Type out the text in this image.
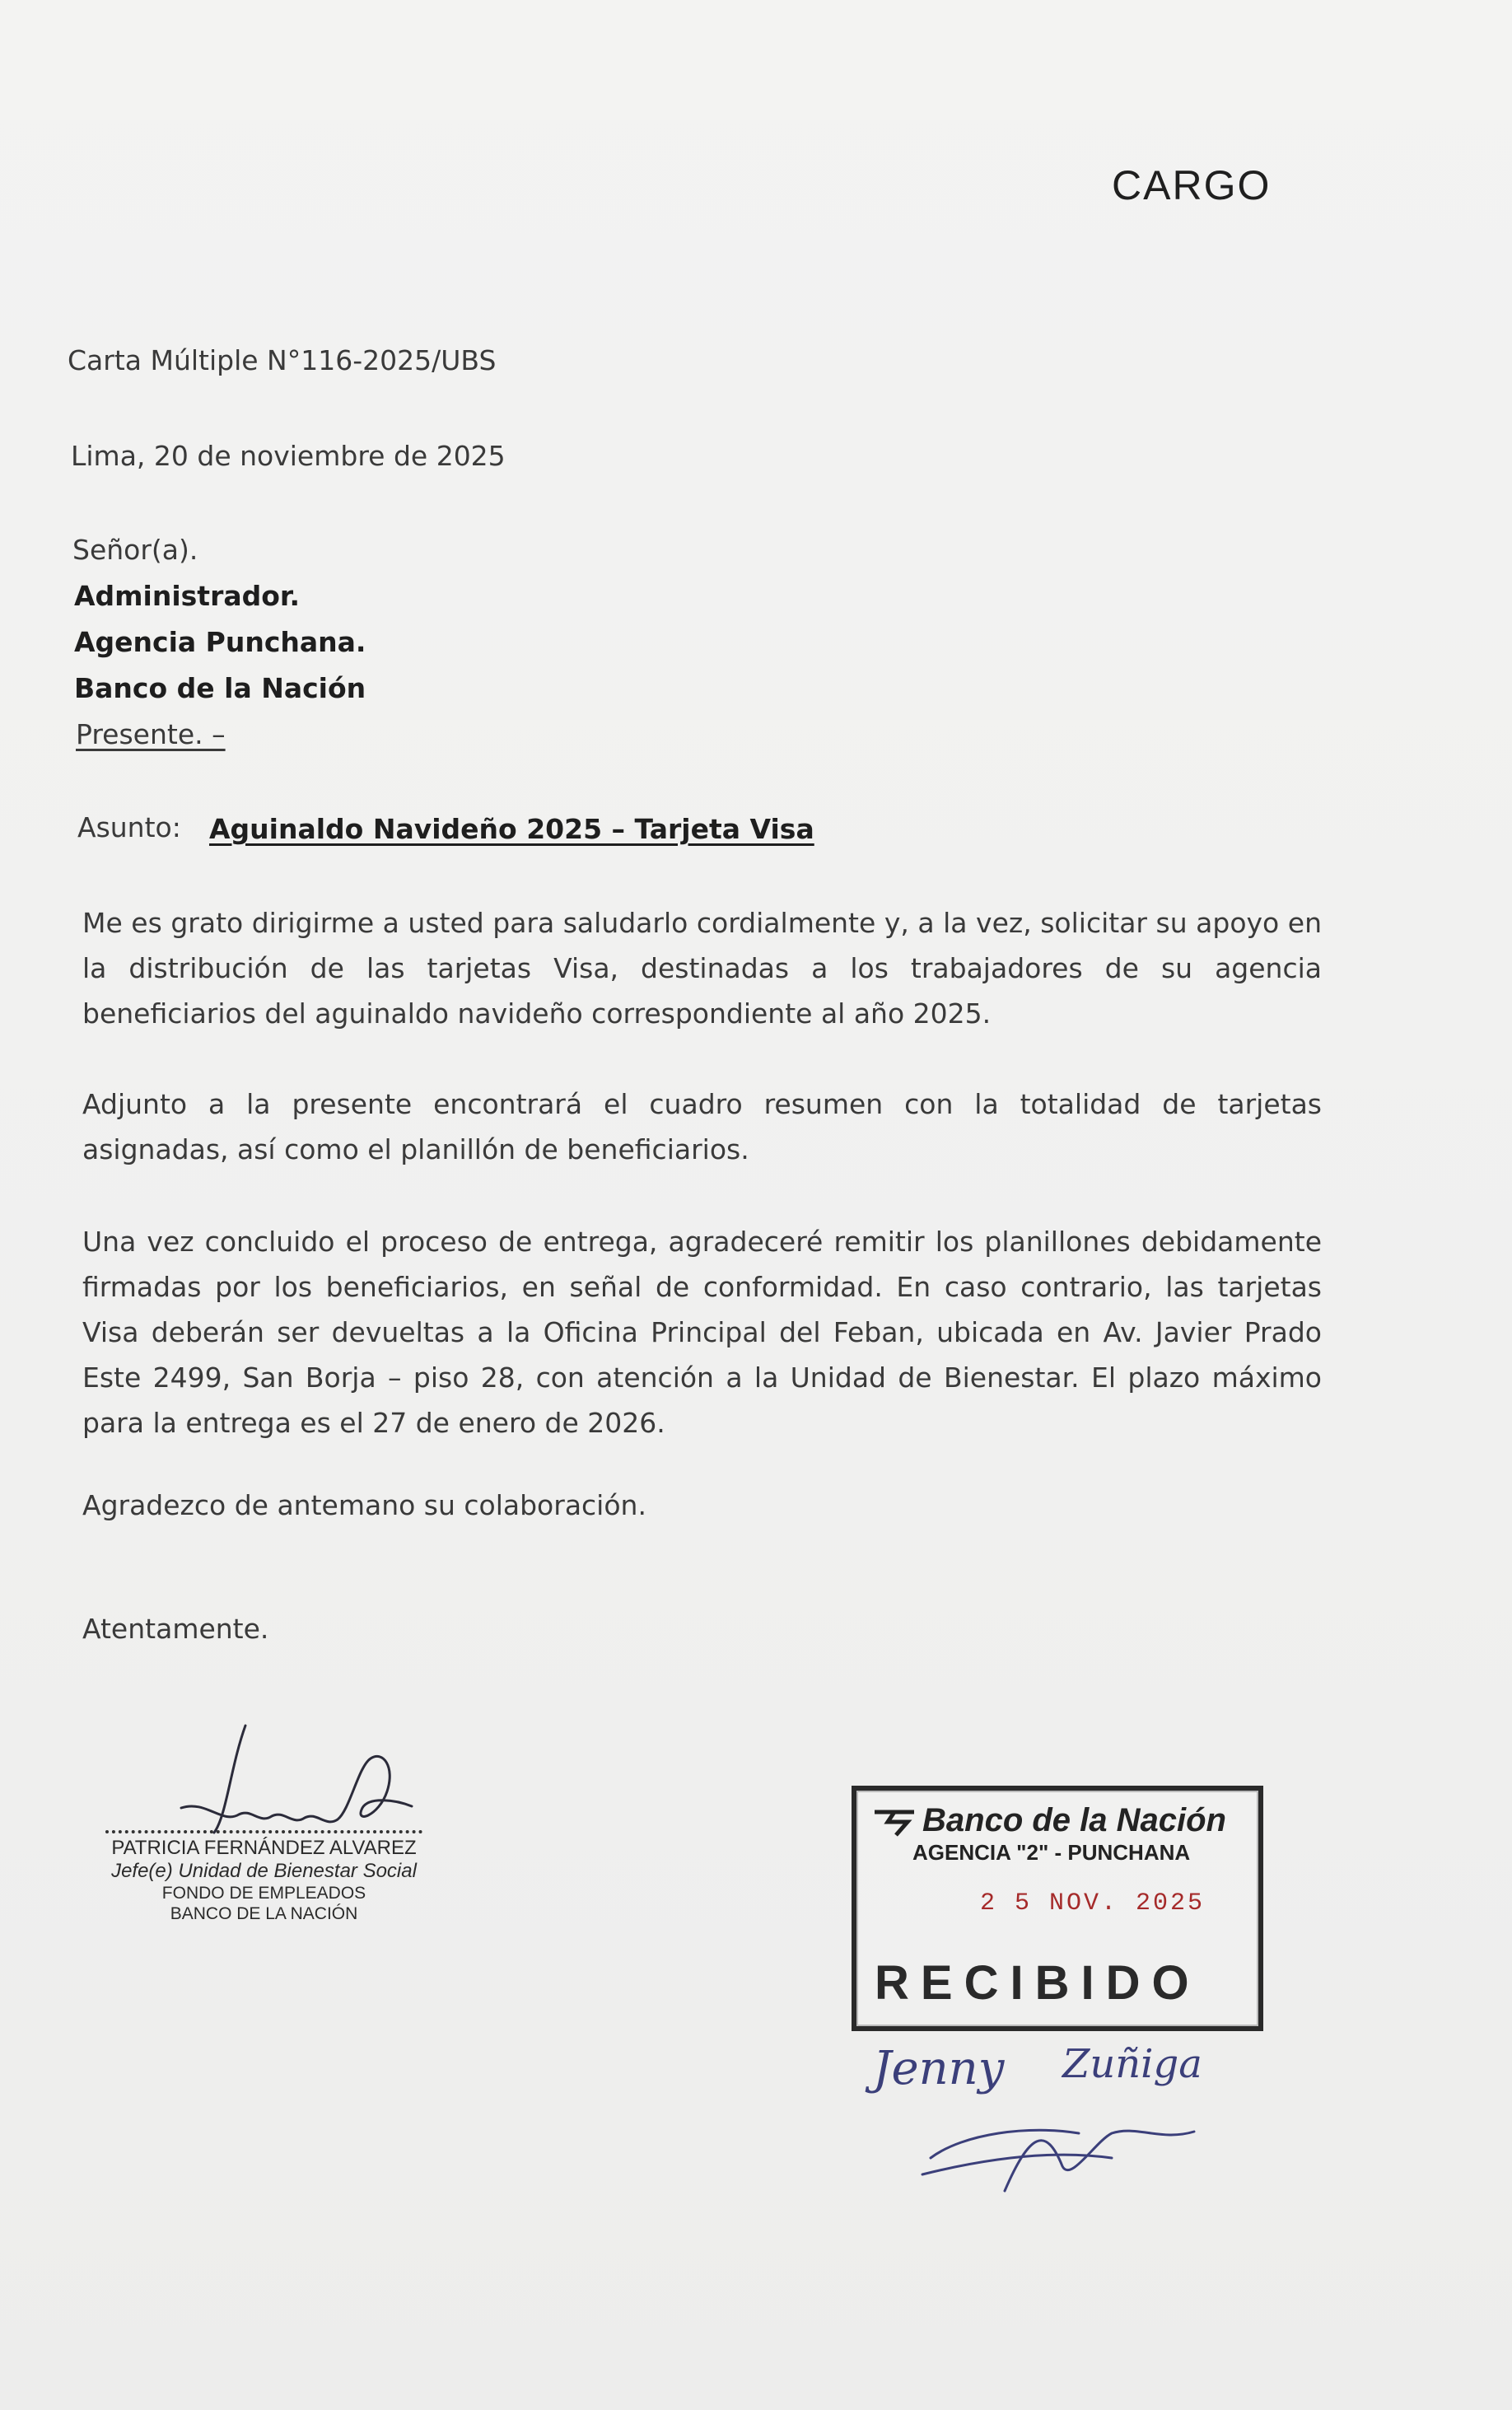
CARGO
Carta Múltiple N°116-2025/UBS
Lima, 20 de noviembre de 2025
Señor(a).
Administrador.
Agencia Punchana.
Banco de la Nación
Presente. –
Asunto: Aguinaldo Navideño 2025 – Tarjeta Visa
Me es grato dirigirme a usted para saludarlo cordialmente y, a la vez, solicitar su apoyo en la distribución de las tarjetas Visa, destinadas a los trabajadores de su agencia beneficiarios del aguinaldo navideño correspondiente al año 2025.
Adjunto a la presente encontrará el cuadro resumen con la totalidad de tarjetas asignadas, así como el planillón de beneficiarios.
Una vez concluido el proceso de entrega, agradeceré remitir los planillones debidamente firmadas por los beneficiarios, en señal de conformidad. En caso contrario, las tarjetas Visa deberán ser devueltas a la Oficina Principal del Feban, ubicada en Av. Javier Prado Este 2499, San Borja – piso 28, con atención a la Unidad de Bienestar. El plazo máximo para la entrega es el 27 de enero de 2026.
Agradezco de antemano su colaboración.
Atentamente.
PATRICIA FERNÁNDEZ ALVAREZ
Jefe(e) Unidad de Bienestar Social
FONDO DE EMPLEADOS
BANCO DE LA NACIÓN
Banco de la Nación
AGENCIA "2" - PUNCHANA
2 5 NOV. 2025
RECIBIDO
Jenny Zuñiga
